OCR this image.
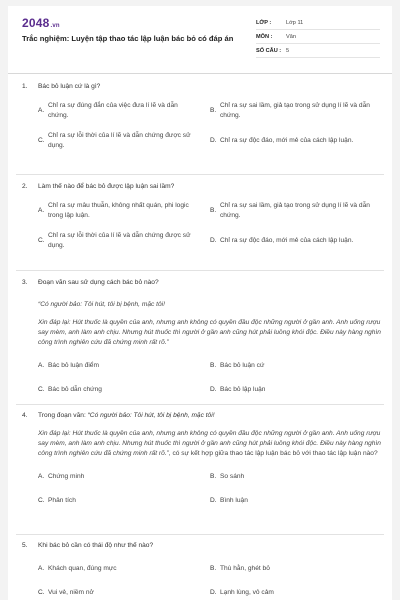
2048.vn
Trắc nghiệm: Luyện tập thao tác lập luận bác bỏ có đáp án
LỚP :	Lớp 11
MÔN :	Văn
SỐ CÂU : 5
1.	Bác bỏ luận cứ là gì?
A.
Chỉ ra sự đúng đắn của việc đưa lí lẽ và dẫn chứng.
B.
Chỉ ra sự sai lầm, giả tạo trong sử dụng lí lẽ và dẫn chứng.
C.
Chỉ ra sự lỗi thời của lí lẽ và dẫn chứng được sử dụng.
D. Chỉ ra sự độc đáo, mới mẻ của cách lập luận.
2.	Làm thế nào để bác bỏ được lập luận sai lầm?
A.
Chỉ ra sự mâu thuẫn, không nhất quán, phi logic trong lập luận.
B.
Chỉ ra sự sai lầm, giả tạo trong sử dụng lí lẽ và dẫn chứng.
C.
Chỉ ra sự lỗi thời của lí lẽ và dẫn chứng được sử dụng.
D. Chỉ ra sự độc đáo, mới mẻ của cách lập luận.
3.	Đoạn văn sau sử dụng cách bác bỏ nào?
“Có người bảo: Tôi hút, tôi bị bệnh, mặc tôi!
Xin đáp lại: Hút thuốc là quyền của anh, nhưng anh không có quyền đầu độc những người ở gần anh. Anh uống rượu say mèm, anh làm anh chịu. Nhưng hút thuốc thì người ở gần anh cũng hút phải luồng khói độc. Điều này hàng nghìn công trình nghiên cứu đã chứng minh rất rõ.”
A. Bác bỏ luận điểm	B. Bác bỏ luận cứ
C. Bác bỏ dẫn chứng	D. Bác bỏ lập luận
4.	Trong đoạn văn: “Có người bảo: Tôi hút, tôi bị bệnh, mặc tôi!
Xin đáp lại: Hút thuốc là quyền của anh, nhưng anh không có quyền đầu độc những người ở gần anh. Anh uống rượu say mèm, anh làm anh chịu. Nhưng hút thuốc thì người ở gần anh cũng hút phải luồng khói độc. Điều này hàng nghìn công trình nghiên cứu đã chứng minh rất rõ.”, có sự kết hợp giữa thao tác lập luận bác bỏ với thao tác lập luận nào?
A. Chứng minh	B. So sánh
C. Phân tích	D. Bình luận
5.	Khi bác bỏ cần có thái độ như thế nào?
A. Khách quan, đúng mực	B. Thù hằn, ghét bỏ
C. Vui vẻ, niềm nở	D. Lạnh lùng, vô cảm
